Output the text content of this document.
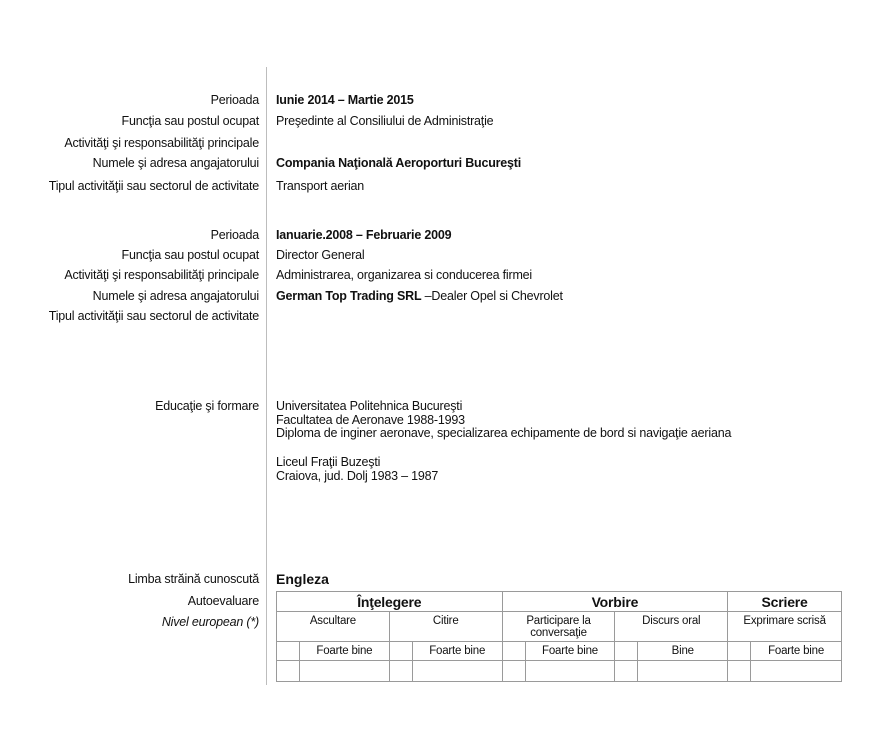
Perioada Iunie 2014 – Martie 2015
Funcţia sau postul ocupat Preşedinte al Consiliului de Administraţie
Activităţi şi responsabilităţi principale
Numele şi adresa angajatorului Compania Naţională Aeroporturi Bucureşti
Tipul activităţii sau sectorul de activitate Transport aerian
Perioada Ianuarie.2008 – Februarie 2009
Funcţia sau postul ocupat Director General
Activităţi şi responsabilităţi principale Administrarea, organizarea si conducerea firmei
Numele şi adresa angajatorului German Top Trading SRL –Dealer Opel si Chevrolet
Tipul activităţii sau sectorul de activitate
Educaţie şi formare Universitatea Politehnica Bucureşti
Facultatea de Aeronave 1988-1993
Diploma de inginer aeronave, specializarea echipamente de bord si navigaţie aeriana
Liceul Fraţii Buzeşti
Craiova, jud. Dolj 1983 – 1987
Limba străină cunoscută Engleza
Autoevaluare
Nivel european (*)
Înţelegere		Vorbire		Scriere
Ascultare	Citire	Participare la conversaţie	Discurs oral	Exprimare scrisă

Foarte bine	Foarte bine	Foarte bine	Bine	Foarte bine
